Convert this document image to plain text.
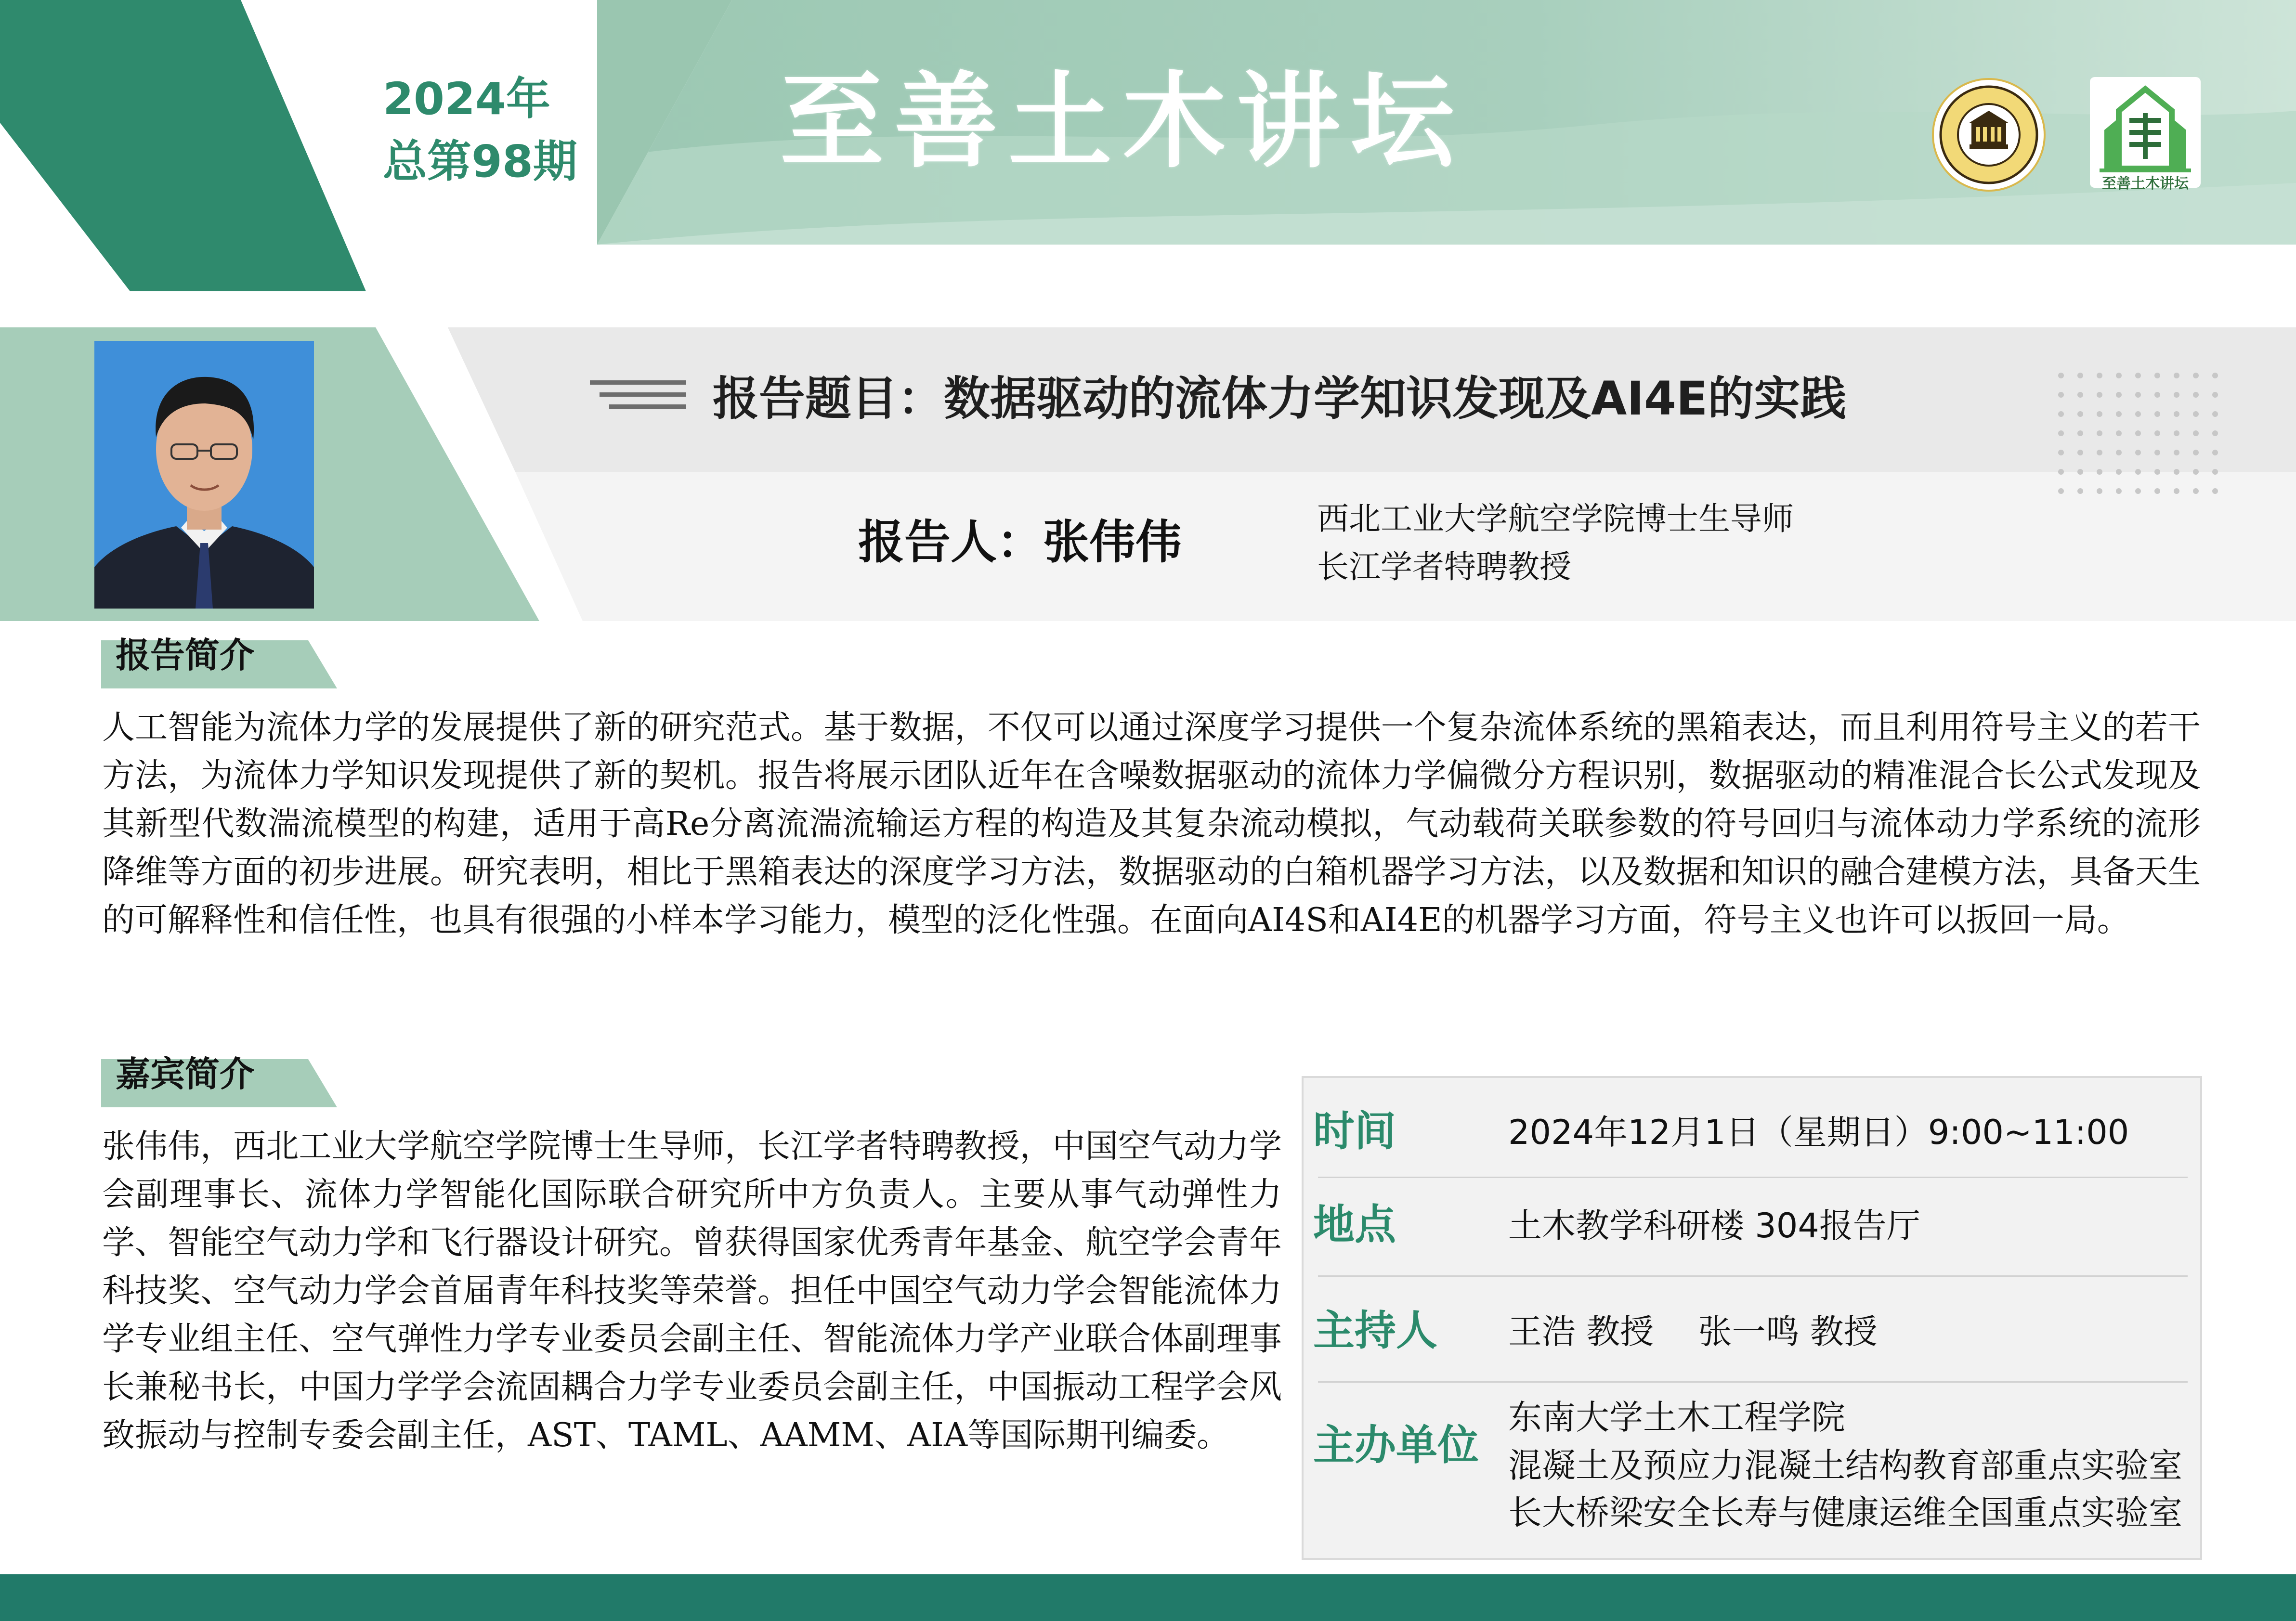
2024年
总第98期 至善土木讲坛
至善土木讲坛
报告题目：数据驱动的流体力学知识发现及AI4E的实践
报告人：张伟伟	西北工业大学航空学院博士生导师
长江学者特聘教授
报告简介

人工智能为流体力学的发展提供了新的研究范式。基于数据，不仅可以通过深度学习提供一个复杂流体系统的黑箱表达，而且利用符号主义的若干方法，为流体力学知识发现提供了新的契机。报告将展示团队近年在含噪数据驱动的流体力学偏微分方程识别，数据驱动的精准混合长公式发现及其新型代数湍流模型的构建，适用于高Re分离流湍流输运方程的构造及其复杂流动模拟，气动载荷关联参数的符号回归与流体动力学系统的流形降维等方面的初步进展。研究表明，相比于黑箱表达的深度学习方法，数据驱动的白箱机器学习方法，以及数据和知识的融合建模方法，具备天生的可解释性和信任性，也具有很强的小样本学习能力，模型的泛化性强。在面向AI4S和AI4E的机器学习方面，符号主义也许可以扳回一局。

嘉宾简介

张伟伟，西北工业大学航空学院博士生导师，长江学者特聘教授，中国空气动力学会副理事长、流体力学智能化国际联合研究所中方负责人。主要从事气动弹性力学、智能空气动力学和飞行器设计研究。曾获得国家优秀青年基金、航空学会青年科技奖、空气动力学会首届青年科技奖等荣誉。担任中国空气动力学会智能流体力学专业组主任、空气弹性力学专业委员会副主任、智能流体力学产业联合体副理事长兼秘书长，中国力学学会流固耦合力学专业委员会副主任，中国振动工程学会风致振动与控制专委会副主任，AST、TAML、AAMM、AIA等国际期刊编委。

时间	2024年12月1日（星期日）9:00~11:00
地点	土木教学科研楼 304报告厅
主持人 王浩 教授　 张一鸣 教授
主办单位
东南大学土木工程学院
混凝土及预应力混凝土结构教育部重点实验室
长大桥梁安全长寿与健康运维全国重点实验室
